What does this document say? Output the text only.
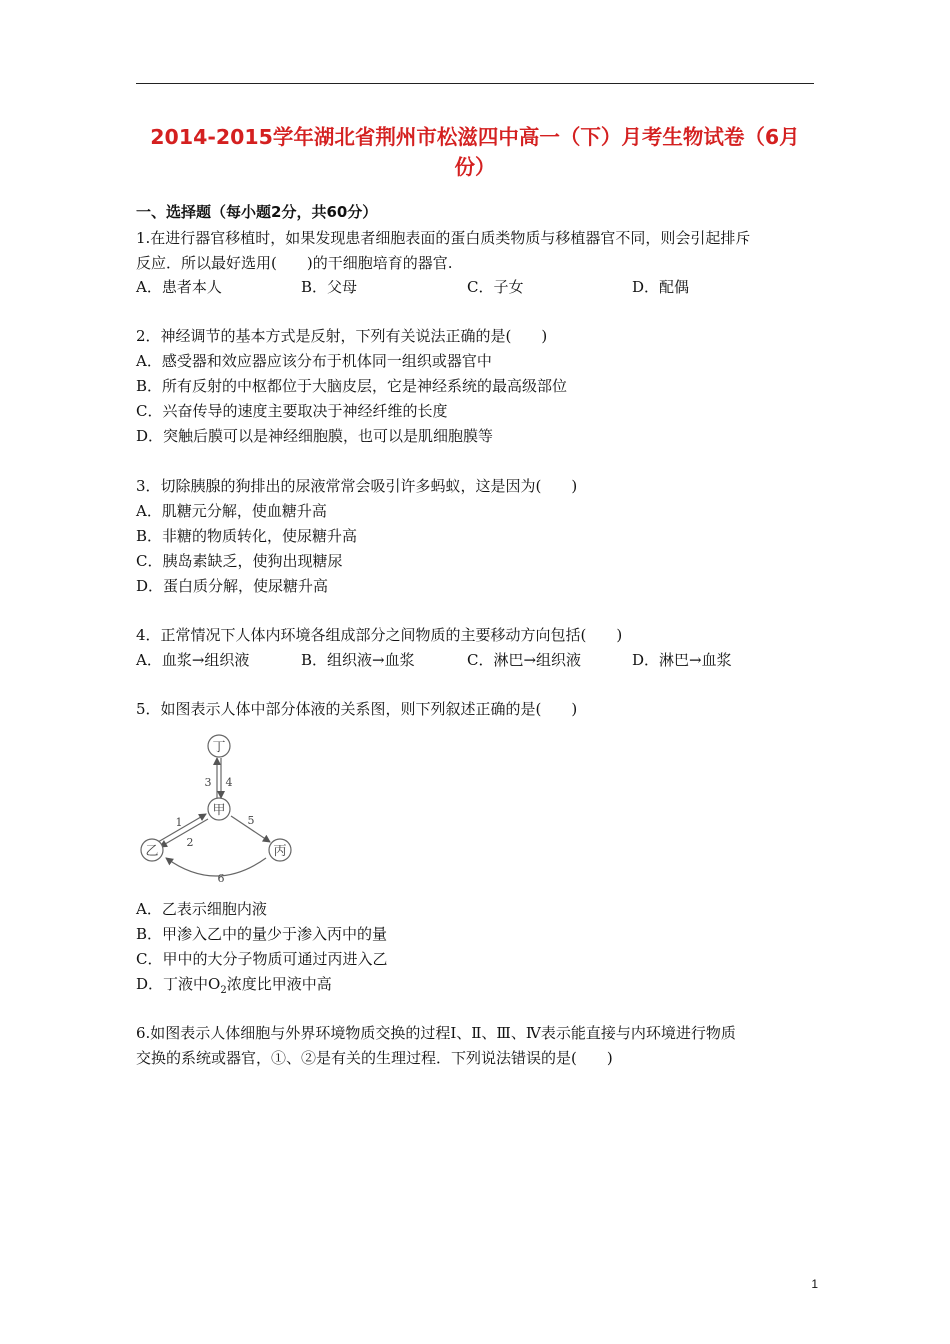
2014-2015学年湖北省荆州市松滋四中高一（下）月考生物试卷（6月
份）
一、选择题（每小题2分，共60分）
1.在进行器官移植时，如果发现患者细胞表面的蛋白质类物质与移植器官不同，则会引起排斥
反应．所以最好选用(　　)的干细胞培育的器官.
A．患者本人	B．父母	C．子女	D．配偶
2．神经调节的基本方式是反射，下列有关说法正确的是(　　)
A．感受器和效应器应该分布于机体同一组织或器官中
B．所有反射的中枢都位于大脑皮层，它是神经系统的最高级部位
C．兴奋传导的速度主要取决于神经纤维的长度
D．突触后膜可以是神经细胞膜，也可以是肌细胞膜等
3．切除胰腺的狗排出的尿液常常会吸引许多蚂蚁，这是因为(　　)
A．肌糖元分解，使血糖升高
B．非糖的物质转化，使尿糖升高
C．胰岛素缺乏，使狗出现糖尿
D．蛋白质分解，使尿糖升高
4．正常情况下人体内环境各组成部分之间物质的主要移动方向包括(　　)
A．血浆→组织液	B．组织液→血浆	C．淋巴→组织液	D．淋巴→血浆
5．如图表示人体中部分体液的关系图，则下列叙述正确的是(　　)
丁
甲
乙	丙
3 4
1
2
5
6
A．乙表示细胞内液
B．甲渗入乙中的量少于渗入丙中的量
C．甲中的大分子物质可通过丙进入乙
D．丁液中$O_2$浓度比甲液中高
6.如图表示人体细胞与外界环境物质交换的过程Ⅰ、Ⅱ、Ⅲ、Ⅳ表示能直接与内环境进行物质
交换的系统或器官，①、②是有关的生理过程．下列说法错误的是(　　)
1
